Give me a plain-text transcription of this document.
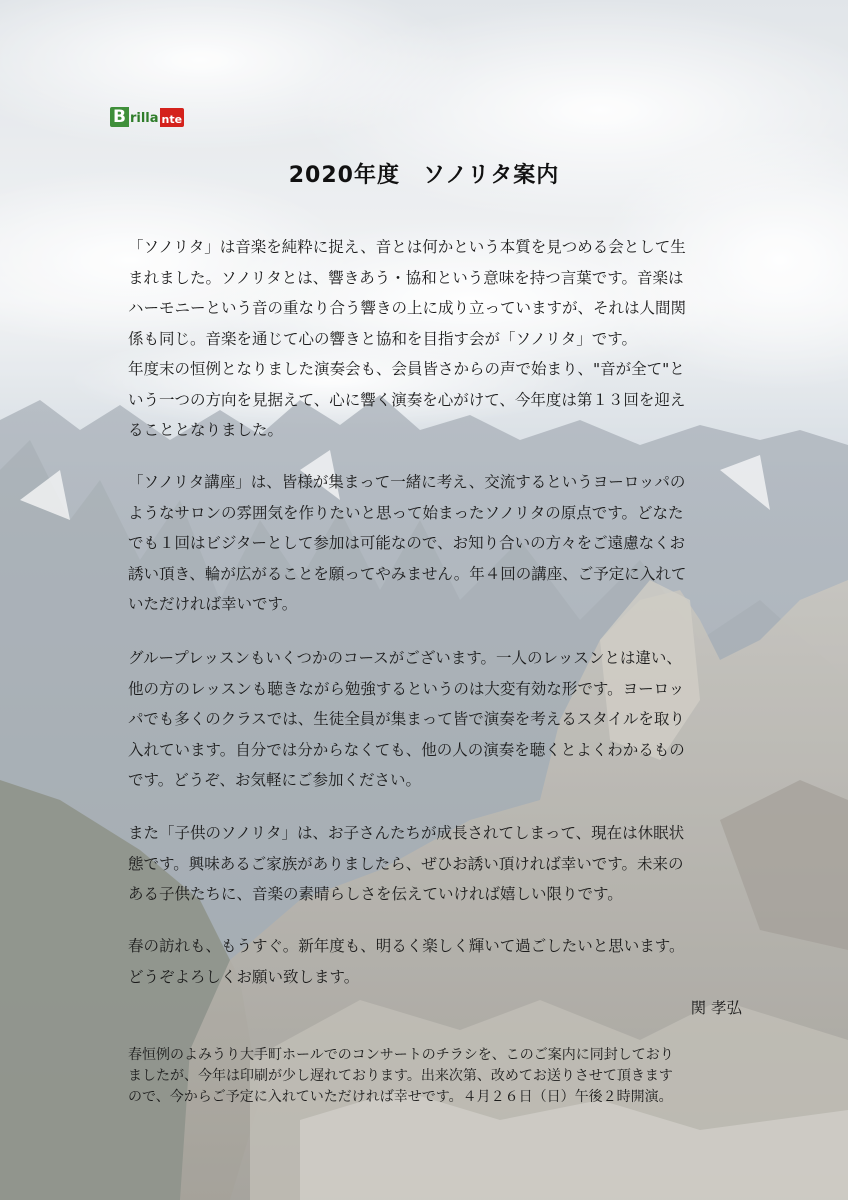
B rilla nte
2020年度　ソノリタ案内

「ソノリタ」は音楽を純粋に捉え、音とは何かという本質を見つめる会として生
まれました。ソノリタとは、響きあう・協和という意味を持つ言葉です。音楽は
ハーモニーという音の重なり合う響きの上に成り立っていますが、それは人間関
係も同じ。音楽を通じて心の響きと協和を目指す会が「ソノリタ」です。
年度末の恒例となりました演奏会も、会員皆さからの声で始まり、"音が全て"と
いう一つの方向を見据えて、心に響く演奏を心がけて、今年度は第１３回を迎え
ることとなりました。

「ソノリタ講座」は、皆様が集まって一緒に考え、交流するというヨーロッパの
ようなサロンの雰囲気を作りたいと思って始まったソノリタの原点です。どなた
でも１回はビジターとして参加は可能なので、お知り合いの方々をご遠慮なくお
誘い頂き、輪が広がることを願ってやみません。年４回の講座、ご予定に入れて
いただければ幸いです。

グループレッスンもいくつかのコースがございます。一人のレッスンとは違い、
他の方のレッスンも聴きながら勉強するというのは大変有効な形です。ヨーロッ
パでも多くのクラスでは、生徒全員が集まって皆で演奏を考えるスタイルを取り
入れています。自分では分からなくても、他の人の演奏を聴くとよくわかるもの
です。どうぞ、お気軽にご参加ください。

また「子供のソノリタ」は、お子さんたちが成長されてしまって、現在は休眠状
態です。興味あるご家族がありましたら、ぜひお誘い頂ければ幸いです。未来の
ある子供たちに、音楽の素晴らしさを伝えていければ嬉しい限りです。

春の訪れも、もうすぐ。新年度も、明るく楽しく輝いて過ごしたいと思います。
どうぞよろしくお願い致します。

関 孝弘

春恒例のよみうり大手町ホールでのコンサートのチラシを、このご案内に同封しており
ましたが、今年は印刷が少し遅れております。出来次第、改めてお送りさせて頂きます
ので、今からご予定に入れていただければ幸せです。４月２６日（日）午後２時開演。
